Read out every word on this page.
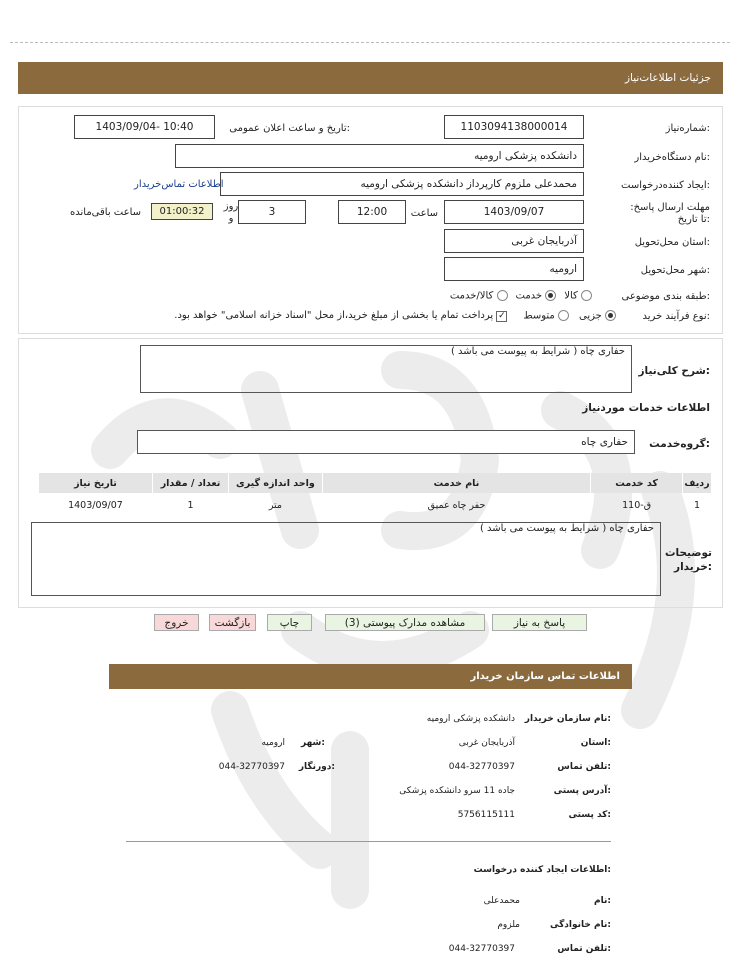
جزئیات اطلاعات‌نیاز
شماره‌نیاز:
1103094138000014
تاریخ و ساعت اعلان عمومی:
1403/09/04- 10:40
نام دستگاه‌خریدار:
دانشکده پزشکی ارومیه
ایجاد کننده‌درخواست:
محمدعلی ملزوم کارپرداز دانشکده پزشکی ارومیه
اطلاعات تماس‌خریدار
مهلت ارسال پاسخ: تا تاریخ:
1403/09/07
ساعت
12:00
3
روز و
01:00:32
ساعت باقی‌مانده
استان محل‌تحویل:
آذربایجان غربی
شهر محل‌تحویل:
ارومیه
طبقه بندی موضوعی:
کالا
خدمت
کالا/خدمت
نوع فرآیند خرید:
جزیی
متوسط
✓ پرداخت تمام یا بخشی از مبلغ خرید،از محل "اسناد خزانه اسلامی" خواهد بود.
شرح کلی‌نیاز:
حفاری چاه ( شرایط به پیوست می باشد )
اطلاعات خدمات موردنیاز
گروه‌خدمت:
حفاری چاه
ردیف	کد خدمت	نام خدمت	واحد اندازه گیری	تعداد / مقدار	تاریخ نیاز
1	ق-110	حفر چاه عمیق	متر	1	1403/09/07
توضیحات خریدار:
حفاری چاه ( شرایط به پیوست می باشد )
پاسخ به نیاز
مشاهده مدارک پیوستی (3)
چاپ
بازگشت
خروج
اطلاعات تماس سازمان خریدار
نام سازمان خریدار:
دانشکده پزشکی ارومیه
استان:
آذربایجان غربی
شهر:
ارومیه
تلفن تماس:
044-32770397
دورنگار:
044-32770397
آدرس پستی:
جاده 11 سرو دانشکده پزشکی
کد پستی:
5756115111
اطلاعات ایجاد کننده درخواست:
نام:
محمدعلی
نام خانوادگی:
ملزوم
تلفن تماس:
044-32770397
